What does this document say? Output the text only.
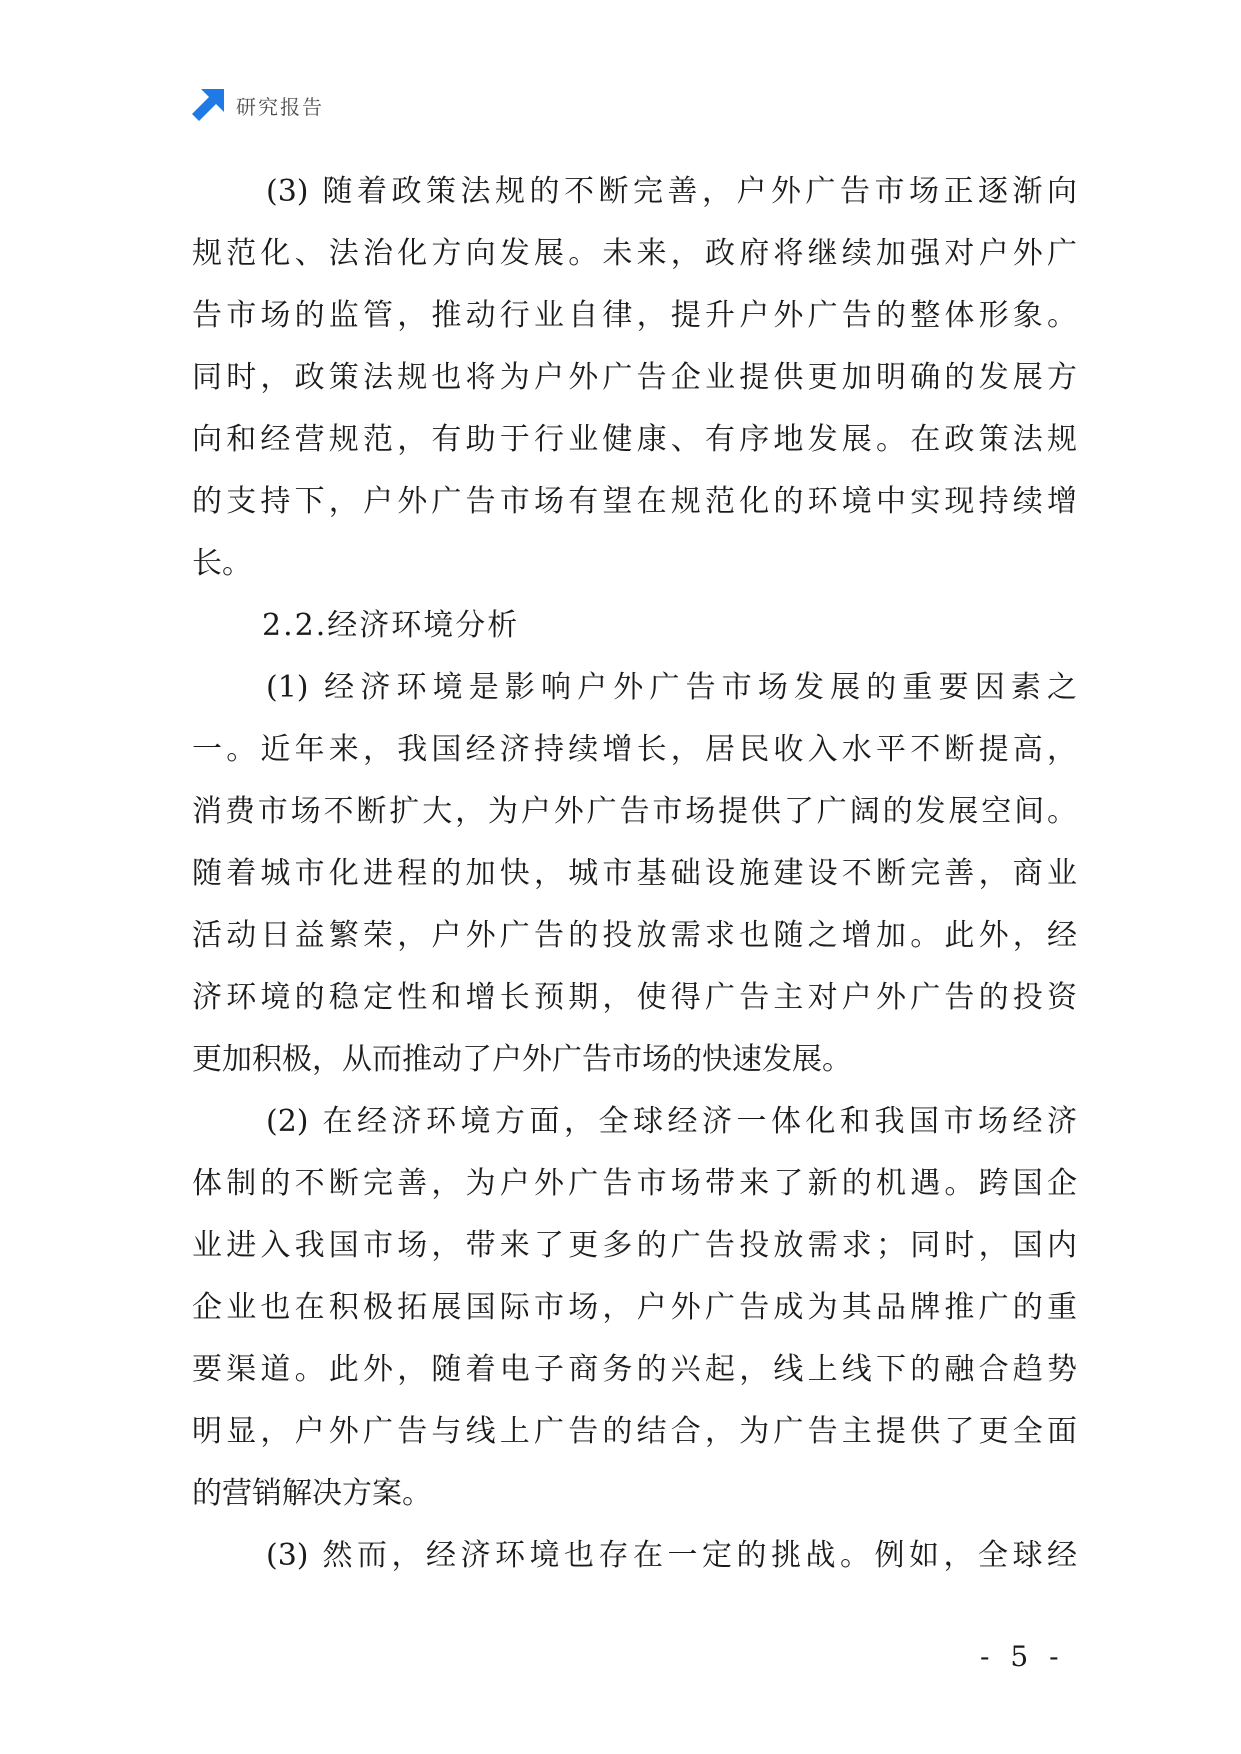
研究报告
(3) 随着政策法规的不断完善，户外广告市场正逐渐向
规范化、法治化方向发展。未来，政府将继续加强对户外广
告市场的监管，推动行业自律，提升户外广告的整体形象。
同时，政策法规也将为户外广告企业提供更加明确的发展方
向和经营规范，有助于行业健康、有序地发展。在政策法规
的支持下，户外广告市场有望在规范化的环境中实现持续增
长。
2.2.经济环境分析
(1) 经济环境是影响户外广告市场发展的重要因素之
一。近年来，我国经济持续增长，居民收入水平不断提高，
消费市场不断扩大，为户外广告市场提供了广阔的发展空间。
随着城市化进程的加快，城市基础设施建设不断完善，商业
活动日益繁荣，户外广告的投放需求也随之增加。此外，经
济环境的稳定性和增长预期，使得广告主对户外广告的投资
更加积极，从而推动了户外广告市场的快速发展。
(2) 在经济环境方面，全球经济一体化和我国市场经济
体制的不断完善，为户外广告市场带来了新的机遇。跨国企
业进入我国市场，带来了更多的广告投放需求；同时，国内
企业也在积极拓展国际市场，户外广告成为其品牌推广的重
要渠道。此外，随着电子商务的兴起，线上线下的融合趋势
明显，户外广告与线上广告的结合，为广告主提供了更全面
的营销解决方案。
(3) 然而，经济环境也存在一定的挑战。例如，全球经
- 5 -
